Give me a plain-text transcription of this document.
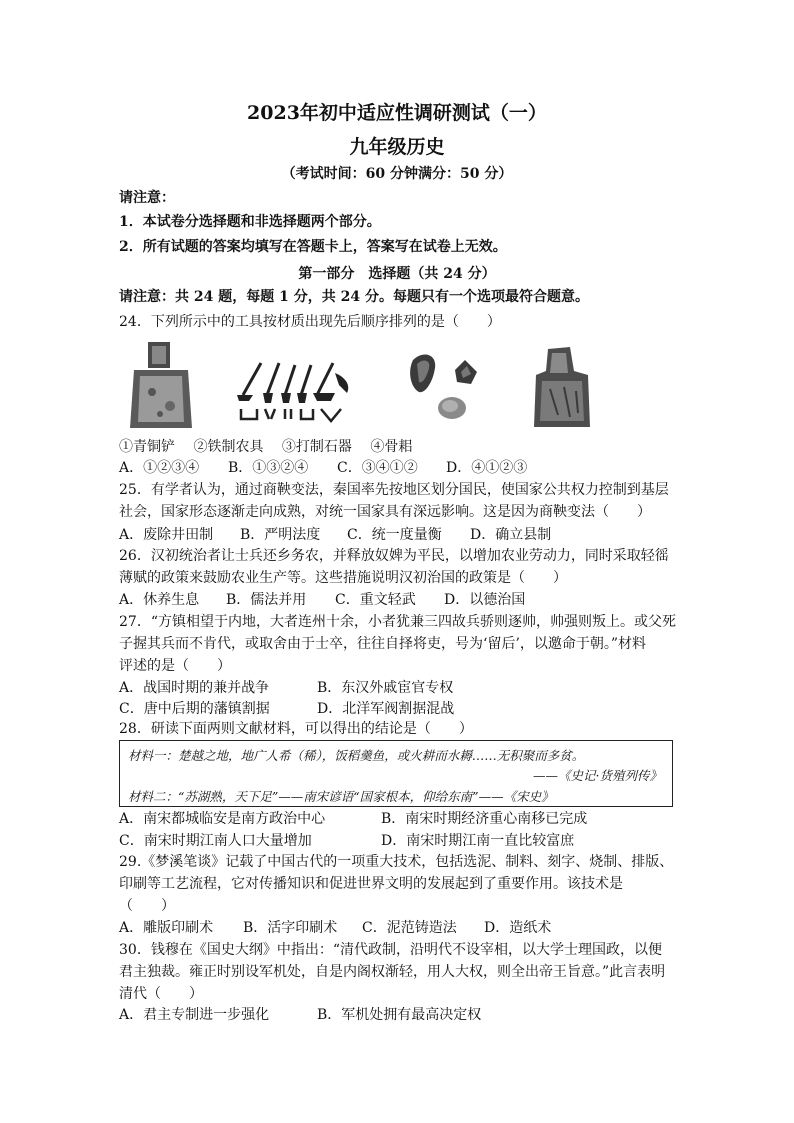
2023年初中适应性调研测试（一）
九年级历史
（考试时间：60 分钟满分：50 分）
请注意：
1．本试卷分选择题和非选择题两个部分。
2．所有试题的答案均填写在答题卡上，答案写在试卷上无效。
第一部分　选择题（共 24 分）
请注意：共 24 题，每题 1 分，共 24 分。每题只有一个选项最符合题意。
24．下列所示中的工具按材质出现先后顺序排列的是（　　）
①青铜铲　 ②铁制农具　 ③打制石器　 ④骨耜
A．①②③④ B．①③②④ C．③④①② D．④①②③
25．有学者认为，通过商鞅变法，秦国率先按地区划分国民，使国家公共权力控制到基层
社会，国家形态逐渐走向成熟，对统一国家具有深远影响。这是因为商鞅变法（　　）
A．废除井田制 B．严明法度 C．统一度量衡 D．确立县制
26．汉初统治者让士兵还乡务农，并释放奴婢为平民，以增加农业劳动力，同时采取轻徭
薄赋的政策来鼓励农业生产等。这些措施说明汉初治国的政策是（　　）
A．休养生息 B．儒法并用 C．重文轻武 D．以德治国
27．“方镇相望于内地，大者连州十余，小者犹兼三四故兵骄则逐帅，帅强则叛上。或父死
子握其兵而不肯代，或取舍由于士卒，往往自择将吏，号为‘留后’，以邀命于朝。”材料
评述的是（　　）
A．战国时期的兼并战争	B．东汉外戚宦官专权
C．唐中后期的藩镇割据	D．北洋军阀割据混战
28．研读下面两则文献材料，可以得出的结论是（　　）
材料一：楚越之地，地广人希（稀），饭稻羹鱼，或火耕而水耨……无积聚而多贫。
——《史记·货殖列传》
材料二：“苏湖熟，天下足”——南宋谚语“国家根本，仰给东南”——《宋史》
A．南宋都城临安是南方政治中心	B．南宋时期经济重心南移已完成
C．南宋时期江南人口大量增加	D．南宋时期江南一直比较富庶
29.《梦溪笔谈》记载了中国古代的一项重大技术，包括选泥、制料、刻字、烧制、排版、
印刷等工艺流程，它对传播知识和促进世界文明的发展起到了重要作用。该技术是
（　　）
A．雕版印刷术 B．活字印刷术 C．泥范铸造法 D．造纸术
30．钱穆在《国史大纲》中指出：“清代政制，沿明代不设宰相，以大学士理国政，以便
君主独裁。雍正时别设军机处，自是内阁权渐轻，用人大权，则全出帝王旨意。”此言表明
清代（　　）
A．君主专制进一步强化	B．军机处拥有最高决定权
